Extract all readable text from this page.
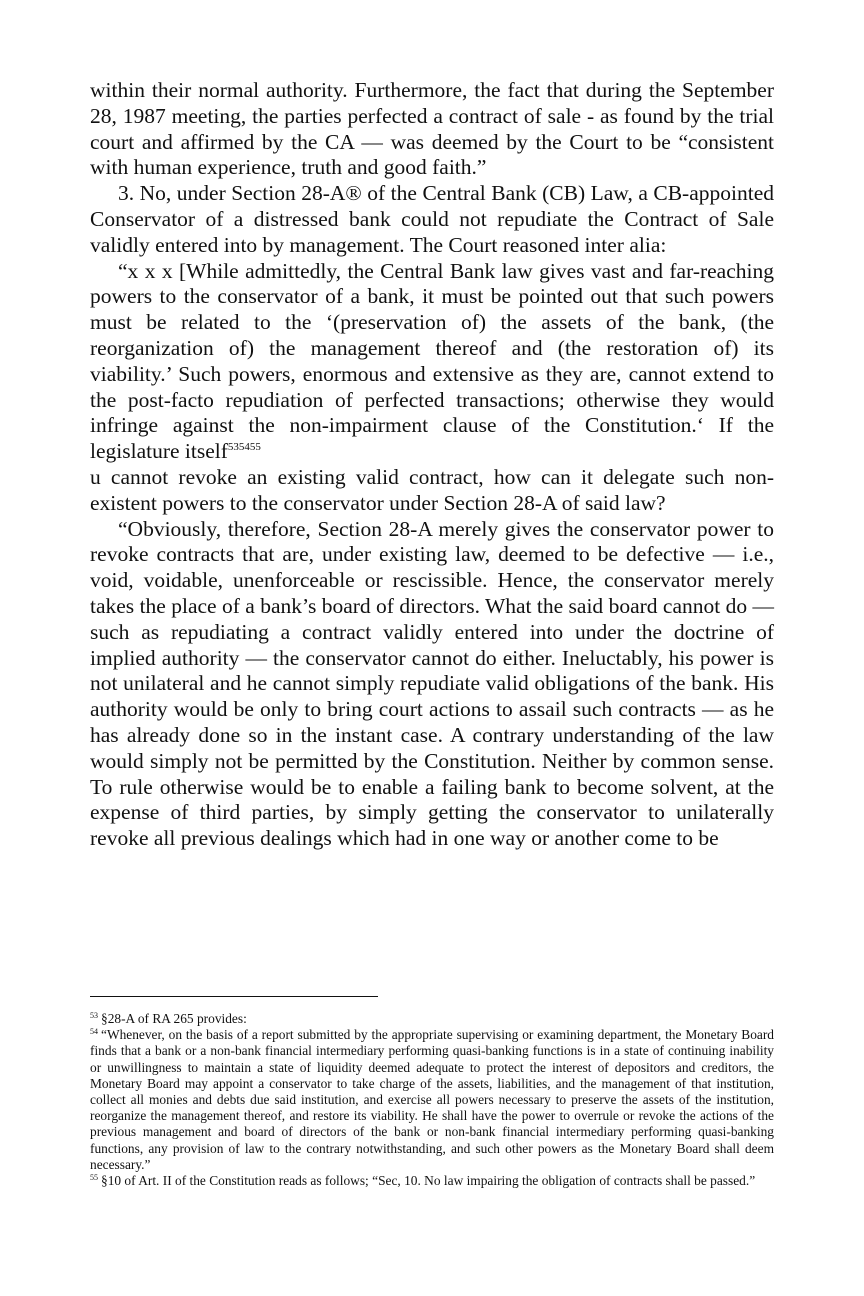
within their normal authority. Furthermore, the fact that during the September 28, 1987 meeting, the parties perfected a contract of sale - as found by the trial court and affirmed by the CA — was deemed by the Court to be “consistent with human experience, truth and good faith.”

3. No, under Section 28-A® of the Central Bank (CB) Law, a CB-appointed Conservator of a distressed bank could not repudiate the Contract of Sale validly entered into by management. The Court reasoned inter alia:

“x x x [While admittedly, the Central Bank law gives vast and far-reaching powers to the conservator of a bank, it must be pointed out that such powers must be related to the ‘(preservation of) the assets of the bank, (the reorganization of) the management thereof and (the restoration of) its viability.’ Such powers, enormous and extensive as they are, cannot extend to the post-facto repudiation of perfected transactions; otherwise they would infringe against the non-impairment clause of the Constitution.‘ If the legislature itself$^{535455}$
u cannot revoke an existing valid contract, how can it delegate such non-existent powers to the conservator under Section 28-A of said law?

“Obviously, therefore, Section 28-A merely gives the conservator power to revoke contracts that are, under existing law, deemed to be defective — i.e., void, voidable, unenforceable or rescissible. Hence, the conservator merely takes the place of a bank’s board of directors. What the said board cannot do — such as repudiating a contract validly entered into under the doctrine of implied authority — the conservator cannot do either. Ineluctably, his power is not unilateral and he cannot simply repudiate valid obligations of the bank. His authority would be only to bring court actions to assail such contracts — as he has already done so in the instant case. A contrary understanding of the law would simply not be permitted by the Constitution. Neither by common sense. To rule otherwise would be to enable a failing bank to become solvent, at the expense of third parties, by simply getting the conservator to unilaterally revoke all previous dealings which had in one way or another come to be

$^{53}$ §28-A of RA 265 provides:

$^{54}$ “Whenever, on the basis of a report submitted by the appropriate supervising or examining department, the Monetary Board finds that a bank or a non-bank financial intermediary performing quasi-banking functions is in a state of continuing inability or unwillingness to maintain a state of liquidity deemed adequate to protect the interest of depositors and creditors, the Monetary Board may appoint a conservator to take charge of the assets, liabilities, and the management of that institution, collect all monies and debts due said institution, and exercise all powers necessary to preserve the assets of the institution, reorganize the management thereof, and restore its viability. He shall have the power to overrule or revoke the actions of the previous management and board of directors of the bank or non-bank financial intermediary performing quasi-banking functions, any provision of law to the contrary notwithstanding, and such other powers as the Monetary Board shall deem necessary.”

$^{55}$ §10 of Art. II of the Constitution reads as follows; “Sec, 10. No law impairing the obligation of contracts shall be passed.”
